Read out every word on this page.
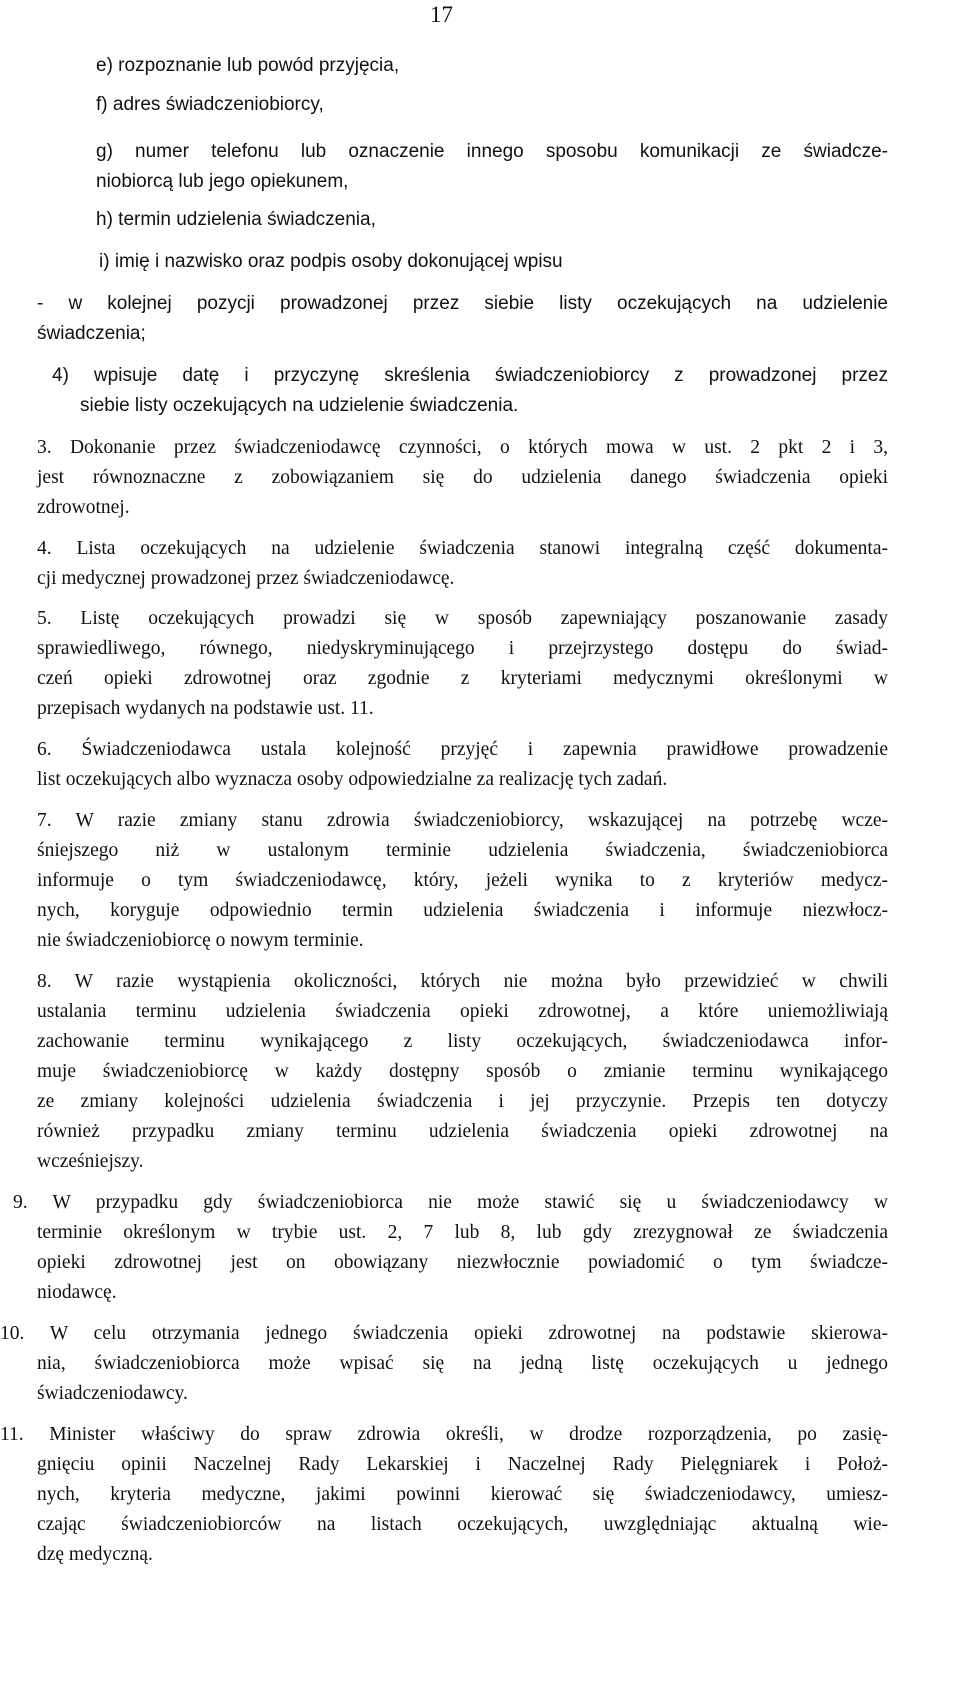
17
e) rozpoznanie lub powód przyjęcia,
f) adres świadczeniobiorcy,
g) numer telefonu lub oznaczenie innego sposobu komunikacji ze świadcze-
niobiorcą lub jego opiekunem,
h) termin udzielenia świadczenia,
i) imię i nazwisko oraz podpis osoby dokonującej wpisu
- w kolejnej pozycji prowadzonej przez siebie listy oczekujących na udzielenie
świadczenia;
4) wpisuje datę i przyczynę skreślenia świadczeniobiorcy z prowadzonej przez
siebie listy oczekujących na udzielenie świadczenia.
3. Dokonanie przez świadczeniodawcę czynności, o których mowa w ust. 2 pkt 2 i 3,
jest równoznaczne z zobowiązaniem się do udzielenia danego świadczenia opieki
zdrowotnej.
4. Lista oczekujących na udzielenie świadczenia stanowi integralną część dokumenta-
cji medycznej prowadzonej przez świadczeniodawcę.
5. Listę oczekujących prowadzi się w sposób zapewniający poszanowanie zasady
sprawiedliwego, równego, niedyskryminującego i przejrzystego dostępu do świad-
czeń opieki zdrowotnej oraz zgodnie z kryteriami medycznymi określonymi w
przepisach wydanych na podstawie ust. 11.
6. Świadczeniodawca ustala kolejność przyjęć i zapewnia prawidłowe prowadzenie
list oczekujących albo wyznacza osoby odpowiedzialne za realizację tych zadań.
7. W razie zmiany stanu zdrowia świadczeniobiorcy, wskazującej na potrzebę wcze-
śniejszego niż w ustalonym terminie udzielenia świadczenia, świadczeniobiorca
informuje o tym świadczeniodawcę, który, jeżeli wynika to z kryteriów medycz-
nych, koryguje odpowiednio termin udzielenia świadczenia i informuje niezwłocz-
nie świadczeniobiorcę o nowym terminie.
8. W razie wystąpienia okoliczności, których nie można było przewidzieć w chwili
ustalania terminu udzielenia świadczenia opieki zdrowotnej, a które uniemożliwiają
zachowanie terminu wynikającego z listy oczekujących, świadczeniodawca infor-
muje świadczeniobiorcę w każdy dostępny sposób o zmianie terminu wynikającego
ze zmiany kolejności udzielenia świadczenia i jej przyczynie. Przepis ten dotyczy
również przypadku zmiany terminu udzielenia świadczenia opieki zdrowotnej na
wcześniejszy.
9. W przypadku gdy świadczeniobiorca nie może stawić się u świadczeniodawcy w
terminie określonym w trybie ust. 2, 7 lub 8, lub gdy zrezygnował ze świadczenia
opieki zdrowotnej jest on obowiązany niezwłocznie powiadomić o tym świadcze-
niodawcę.
10. W celu otrzymania jednego świadczenia opieki zdrowotnej na podstawie skierowa-
nia, świadczeniobiorca może wpisać się na jedną listę oczekujących u jednego
świadczeniodawcy.
11. Minister właściwy do spraw zdrowia określi, w drodze rozporządzenia, po zasię-
gnięciu opinii Naczelnej Rady Lekarskiej i Naczelnej Rady Pielęgniarek i Położ-
nych, kryteria medyczne, jakimi powinni kierować się świadczeniodawcy, umiesz-
czając świadczeniobiorców na listach oczekujących, uwzględniając aktualną wie-
dzę medyczną.
